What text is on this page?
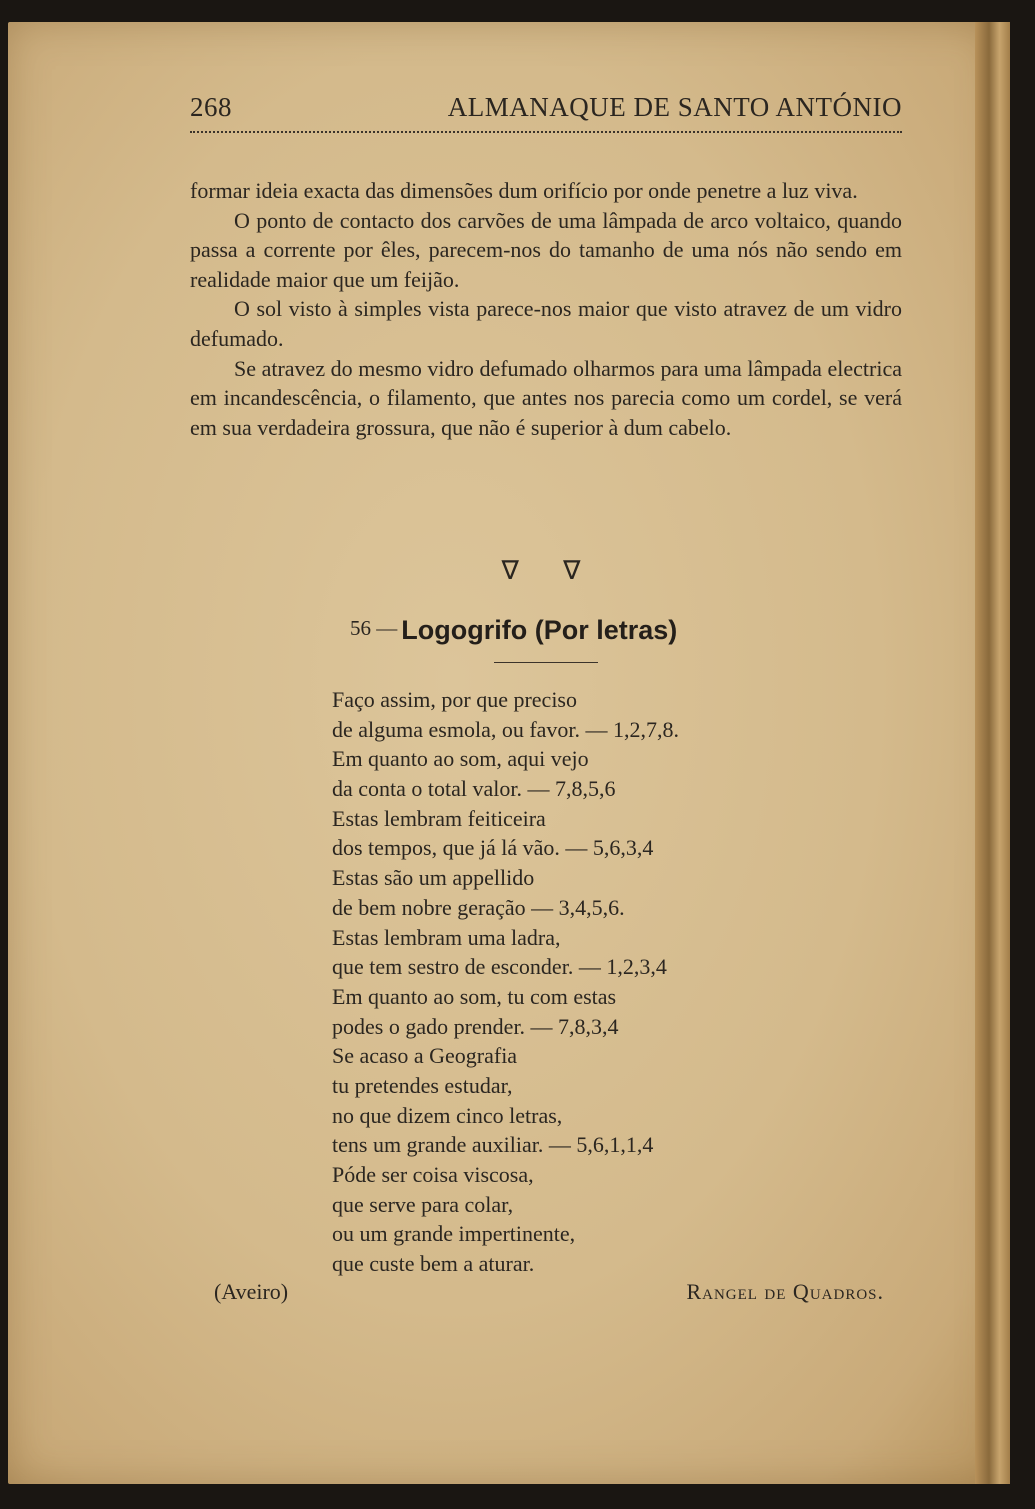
268	ALMANAQUE DE SANTO ANTÓNIO

formar ideia exacta das dimensões dum orifício por onde penetre a luz viva.

O ponto de contacto dos carvões de uma lâmpada de arco voltaico, quando passa a corrente por êles, parecem-nos do tamanho de uma nós não sendo em realidade maior que um feijão.

O sol visto à simples vista parece-nos maior que visto atravez de um vidro defumado.

Se atravez do mesmo vidro defumado olharmos para uma lâmpada electrica em incandescência, o filamento, que antes nos parecia como um cordel, se verá em sua verdadeira grossura, que não é superior à dum cabelo.

∇ ∇
56 — Logogrifo (Por letras)
Faço assim, por que preciso
de alguma esmola, ou favor. — 1,2,7,8.
Em quanto ao som, aqui vejo
da conta o total valor. — 7,8,5,6
Estas lembram feiticeira
dos tempos, que já lá vão. — 5,6,3,4
Estas são um appellido
de bem nobre geração — 3,4,5,6.
Estas lembram uma ladra,
que tem sestro de esconder. — 1,2,3,4
Em quanto ao som, tu com estas
podes o gado prender. — 7,8,3,4
Se acaso a Geografia
tu pretendes estudar,
no que dizem cinco letras,
tens um grande auxiliar. — 5,6,1,1,4
Póde ser coisa viscosa,
que serve para colar,
ou um grande impertinente,
que custe bem a aturar.
(Aveiro)	Rangel de Quadros.
